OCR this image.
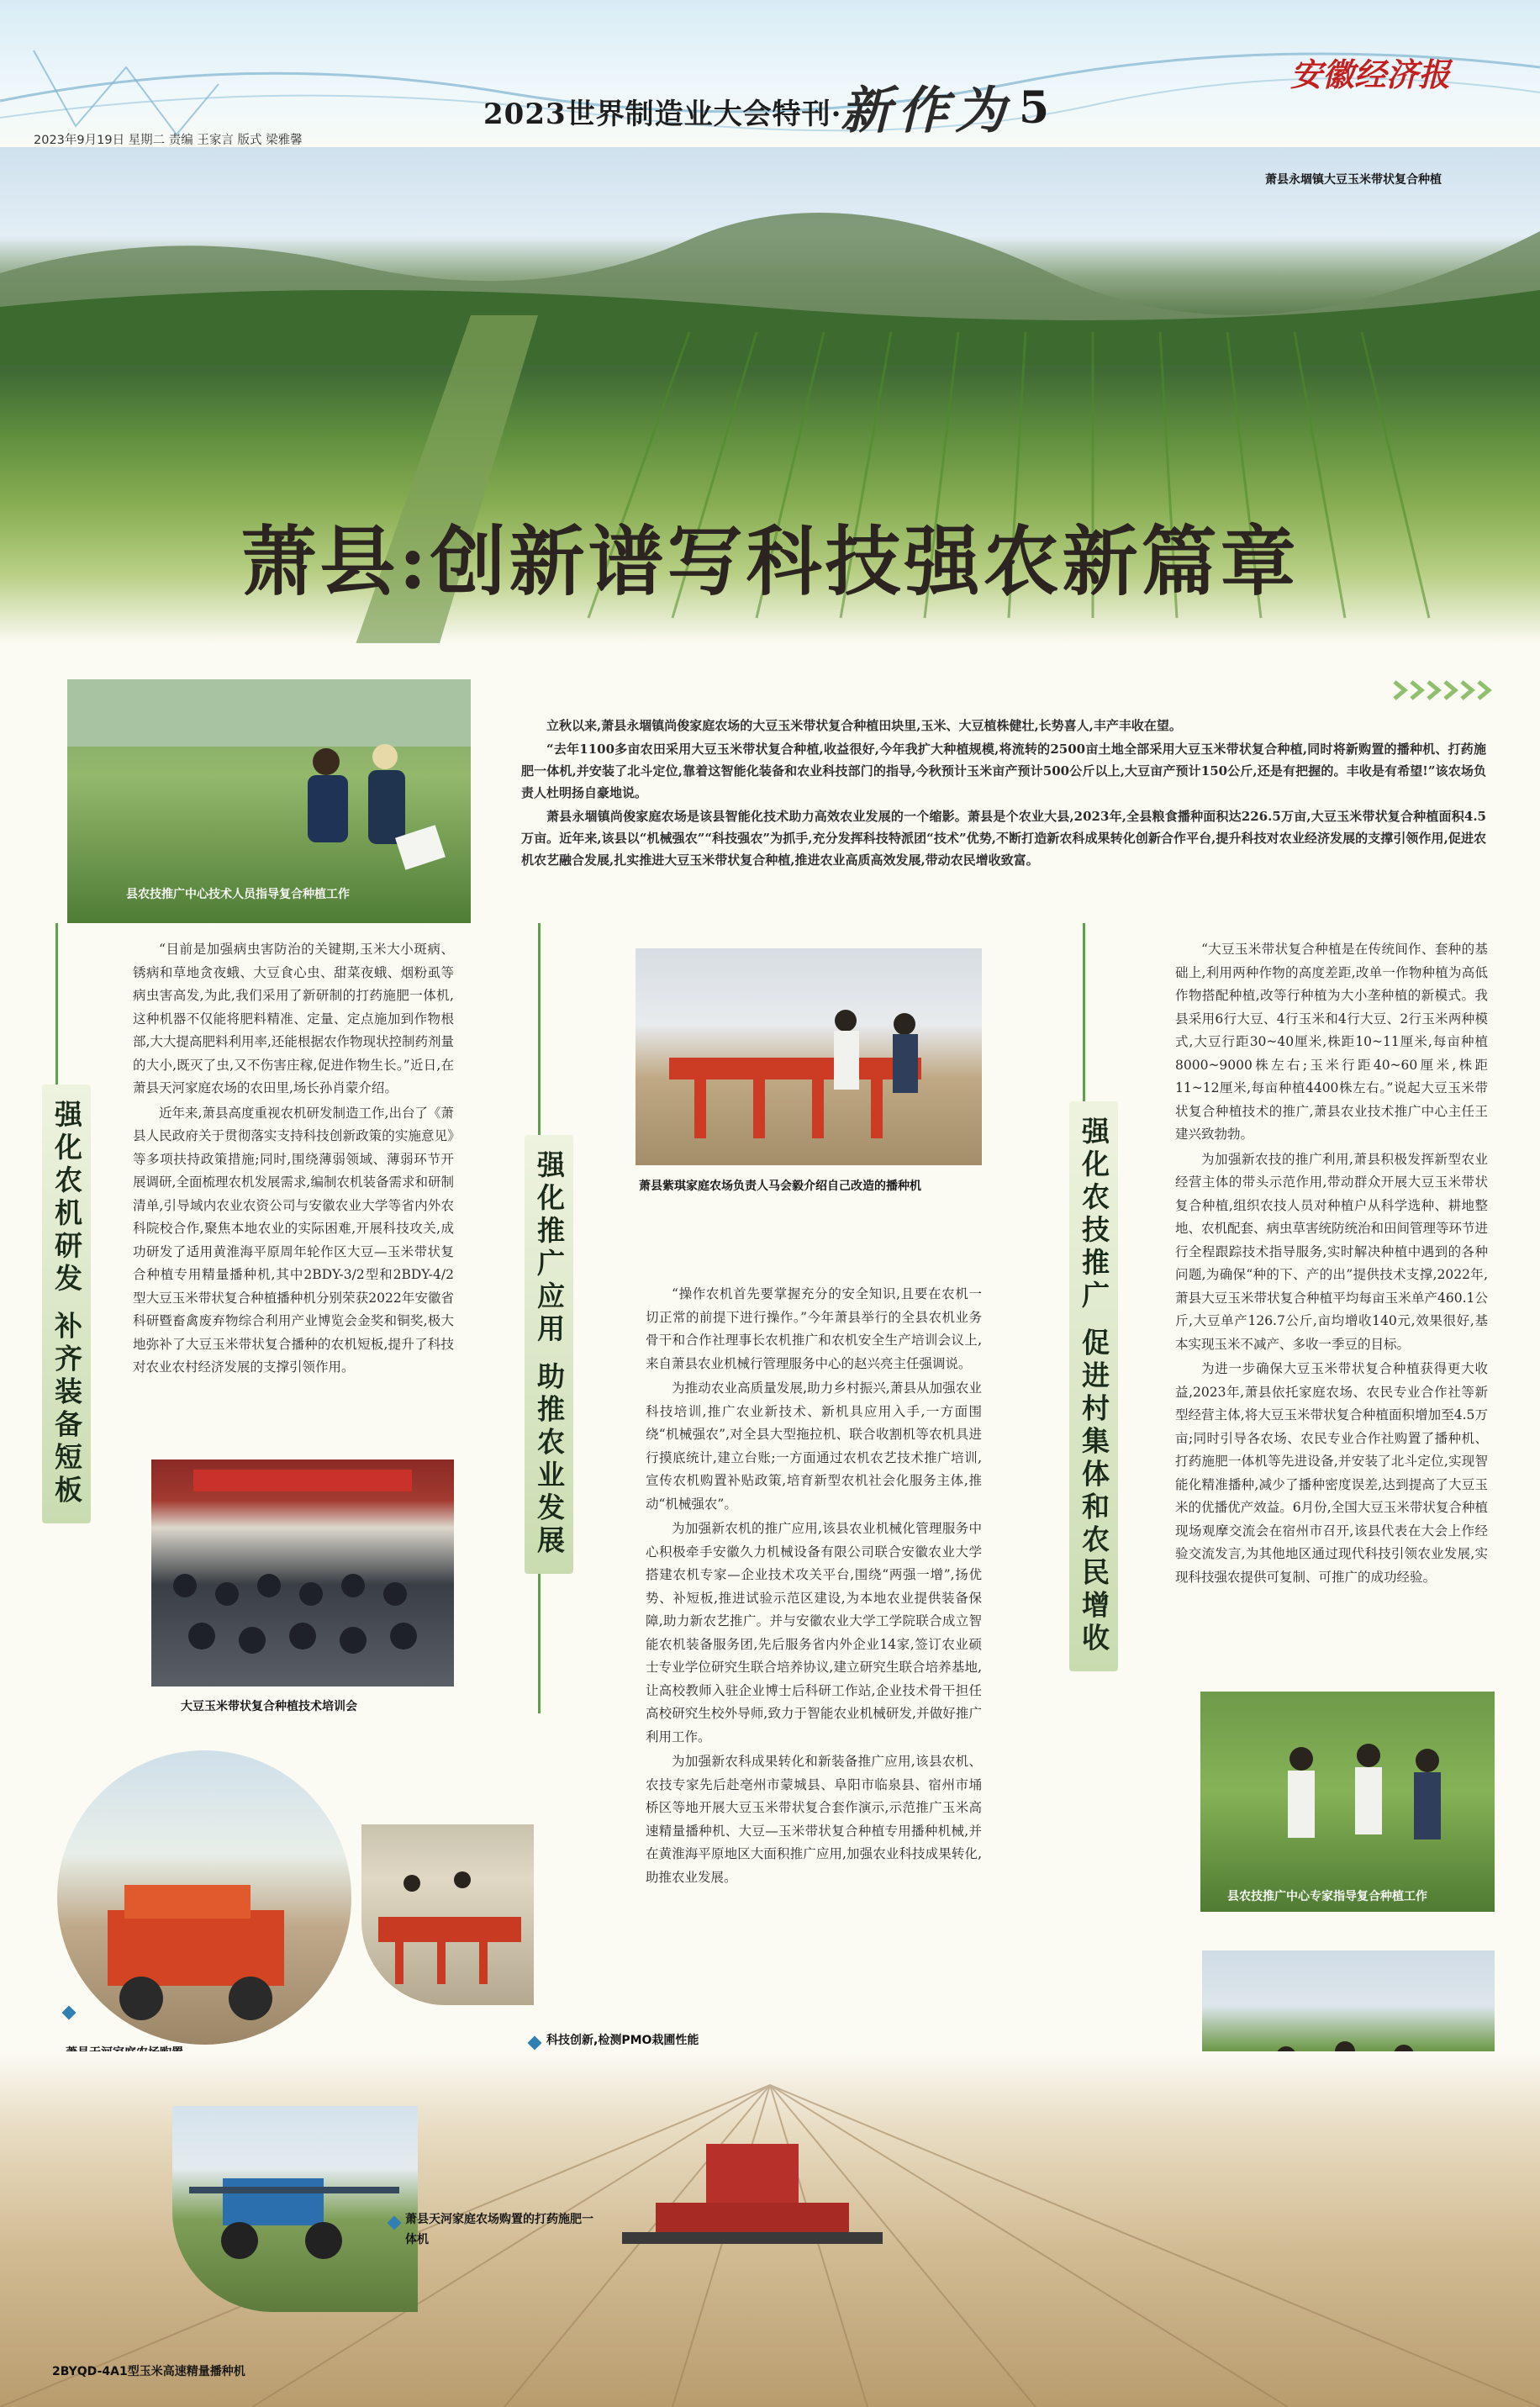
2023世界制造业大会特刊·
新作为 5
安徽经济报
2023年9月19日 星期二 责编 王家言 版式 梁雅馨
萧县永堌镇大豆玉米带状复合种植
萧县:创新谱写科技强农新篇章
县农技推广中心技术人员指导复合种植工作

立秋以来,萧县永堌镇尚俊家庭农场的大豆玉米带状复合种植田块里,玉米、大豆植株健壮,长势喜人,丰产丰收在望。

“去年1100多亩农田采用大豆玉米带状复合种植,收益很好,今年我扩大种植规模,将流转的2500亩土地全部采用大豆玉米带状复合种植,同时将新购置的播种机、打药施肥一体机,并安装了北斗定位,靠着这智能化装备和农业科技部门的指导,今秋预计玉米亩产预计500公斤以上,大豆亩产预计150公斤,还是有把握的。丰收是有希望!”该农场负责人杜明扬自豪地说。

萧县永堌镇尚俊家庭农场是该县智能化技术助力高效农业发展的一个缩影。萧县是个农业大县,2023年,全县粮食播种面积达226.5万亩,大豆玉米带状复合种植面积4.5万亩。近年来,该县以“机械强农”“科技强农”为抓手,充分发挥科技特派团“技术”优势,不断打造新农科成果转化创新合作平台,提升科技对农业经济发展的支撑引领作用,促进农机农艺融合发展,扎实推进大豆玉米带状复合种植,推进农业高质高效发展,带动农民增收致富。

强化农机研发 补齐装备短板

“目前是加强病虫害防治的关键期,玉米大小斑病、锈病和草地贪夜蛾、大豆食心虫、甜菜夜蛾、烟粉虱等病虫害高发,为此,我们采用了新研制的打药施肥一体机,这种机器不仅能将肥料精准、定量、定点施加到作物根部,大大提高肥料利用率,还能根据农作物现状控制药剂量的大小,既灭了虫,又不伤害庄稼,促进作物生长。”近日,在萧县天河家庭农场的农田里,场长孙肖蒙介绍。

近年来,萧县高度重视农机研发制造工作,出台了《萧县人民政府关于贯彻落实支持科技创新政策的实施意见》等多项扶持政策措施;同时,围绕薄弱领域、薄弱环节开展调研,全面梳理农机发展需求,编制农机装备需求和研制清单,引导域内农业农资公司与安徽农业大学等省内外农科院校合作,聚焦本地农业的实际困难,开展科技攻关,成功研发了适用黄淮海平原周年轮作区大豆—玉米带状复合种植专用精量播种机,其中2BDY-3/2型和2BDY-4/2型大豆玉米带状复合种植播种机分别荣获2022年安徽省科研暨畜禽废弃物综合利用产业博览会金奖和铜奖,极大地弥补了大豆玉米带状复合播种的农机短板,提升了科技对农业农村经济发展的支撑引领作用。

大豆玉米带状复合种植技术培训会
强化推广应用 助推农业发展	萧县紫琪家庭农场负责人马会毅介绍自己改造的播种机

“操作农机首先要掌握充分的安全知识,且要在农机一切正常的前提下进行操作。”今年萧县举行的全县农机业务骨干和合作社理事长农机推广和农机安全生产培训会议上,来自萧县农业机械行管理服务中心的赵兴亮主任强调说。

为推动农业高质量发展,助力乡村振兴,萧县从加强农业科技培训,推广农业新技术、新机具应用入手,一方面围绕“机械强农”,对全县大型拖拉机、联合收割机等农机具进行摸底统计,建立台账;一方面通过农机农艺技术推广培训,宣传农机购置补贴政策,培育新型农机社会化服务主体,推动“机械强农”。

为加强新农机的推广应用,该县农业机械化管理服务中心积极牵手安徽久力机械设备有限公司联合安徽农业大学搭建农机专家—企业技术攻关平台,围绕“两强一增”,扬优势、补短板,推进试验示范区建设,为本地农业提供装备保障,助力新农艺推广。并与安徽农业大学工学院联合成立智能农机装备服务团,先后服务省内外企业14家,签订农业硕士专业学位研究生联合培养协议,建立研究生联合培养基地,让高校教师入驻企业博士后科研工作站,企业技术骨干担任高校研究生校外导师,致力于智能农业机械研发,并做好推广利用工作。

为加强新农科成果转化和新装备推广应用,该县农机、农技专家先后赴亳州市蒙城县、阜阳市临泉县、宿州市埇桥区等地开展大豆玉米带状复合套作演示,示范推广玉米高速精量播种机、大豆—玉米带状复合种植专用播种机械,并在黄淮海平原地区大面积推广应用,加强农业科技成果转化,助推农业发展。

科技创新,检测PMO栽圃性能
强化农技推广 促进村集体和农民增收

“大豆玉米带状复合种植是在传统间作、套种的基础上,利用两种作物的高度差距,改单一作物种植为高低作物搭配种植,改等行种植为大小垄种植的新模式。我县采用6行大豆、4行玉米和4行大豆、2行玉米两种模式,大豆行距30~40厘米,株距10~11厘米,每亩种植8000~9000株左右;玉米行距40~60厘米,株距11~12厘米,每亩种植4400株左右。”说起大豆玉米带状复合种植技术的推广,萧县农业技术推广中心主任王建兴致勃勃。

为加强新农技的推广利用,萧县积极发挥新型农业经营主体的带头示范作用,带动群众开展大豆玉米带状复合种植,组织农技人员对种植户从科学选种、耕地整地、农机配套、病虫草害统防统治和田间管理等环节进行全程跟踪技术指导服务,实时解决种植中遇到的各种问题,为确保“种的下、产的出”提供技术支撑,2022年,萧县大豆玉米带状复合种植平均每亩玉米单产460.1公斤,大豆单产126.7公斤,亩均增收140元,效果很好,基本实现玉米不减产、多收一季豆的目标。

为进一步确保大豆玉米带状复合种植获得更大收益,2023年,萧县依托家庭农场、农民专业合作社等新型经营主体,将大豆玉米带状复合种植面积增加至4.5万亩;同时引导各农场、农民专业合作社购置了播种机、打药施肥一体机等先进设备,并安装了北斗定位,实现智能化精准播种,减少了播种密度误差,达到提高了大豆玉米的优播优产效益。6月份,全国大豆玉米带状复合种植现场观摩交流会在宿州市召开,该县代表在大会上作经验交流发言,为其他地区通过现代科技引领农业发展,实现科技强农提供可复制、可推广的成功经验。

县农技推广中心专家指导复合种植工作
萧县天河家庭农场购置的打药施肥一体机
2BYQD-4A1型玉米高速精量播种机
